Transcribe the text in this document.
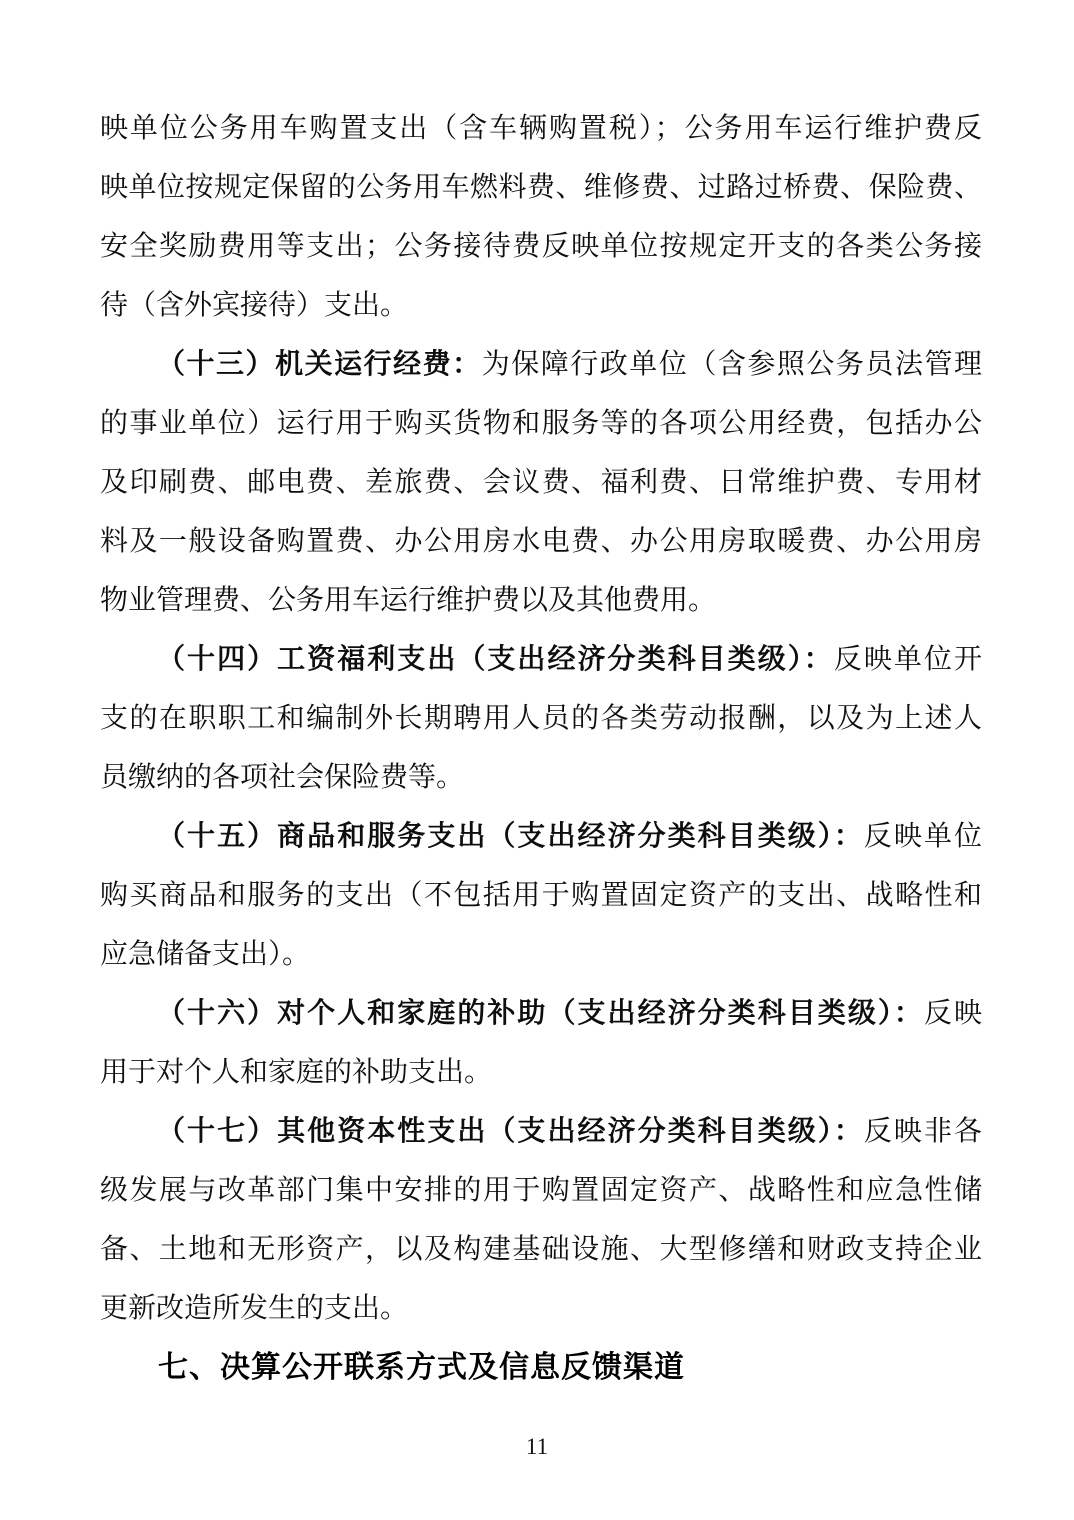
映单位公务用车购置支出（含车辆购置税）；公务用车运行维护费反
映单位按规定保留的公务用车燃料费、维修费、过路过桥费、保险费、
安全奖励费用等支出；公务接待费反映单位按规定开支的各类公务接
待（含外宾接待）支出。
（十三）机关运行经费：为保障行政单位（含参照公务员法管理
的事业单位）运行用于购买货物和服务等的各项公用经费，包括办公
及印刷费、邮电费、差旅费、会议费、福利费、日常维护费、专用材
料及一般设备购置费、办公用房水电费、办公用房取暖费、办公用房
物业管理费、公务用车运行维护费以及其他费用。
（十四）工资福利支出（支出经济分类科目类级）：反映单位开
支的在职职工和编制外长期聘用人员的各类劳动报酬，以及为上述人
员缴纳的各项社会保险费等。
（十五）商品和服务支出（支出经济分类科目类级）：反映单位
购买商品和服务的支出（不包括用于购置固定资产的支出、战略性和
应急储备支出）。
（十六）对个人和家庭的补助（支出经济分类科目类级）：反映
用于对个人和家庭的补助支出。
（十七）其他资本性支出（支出经济分类科目类级）：反映非各
级发展与改革部门集中安排的用于购置固定资产、战略性和应急性储
备、土地和无形资产，以及构建基础设施、大型修缮和财政支持企业
更新改造所发生的支出。
七、决算公开联系方式及信息反馈渠道
11
